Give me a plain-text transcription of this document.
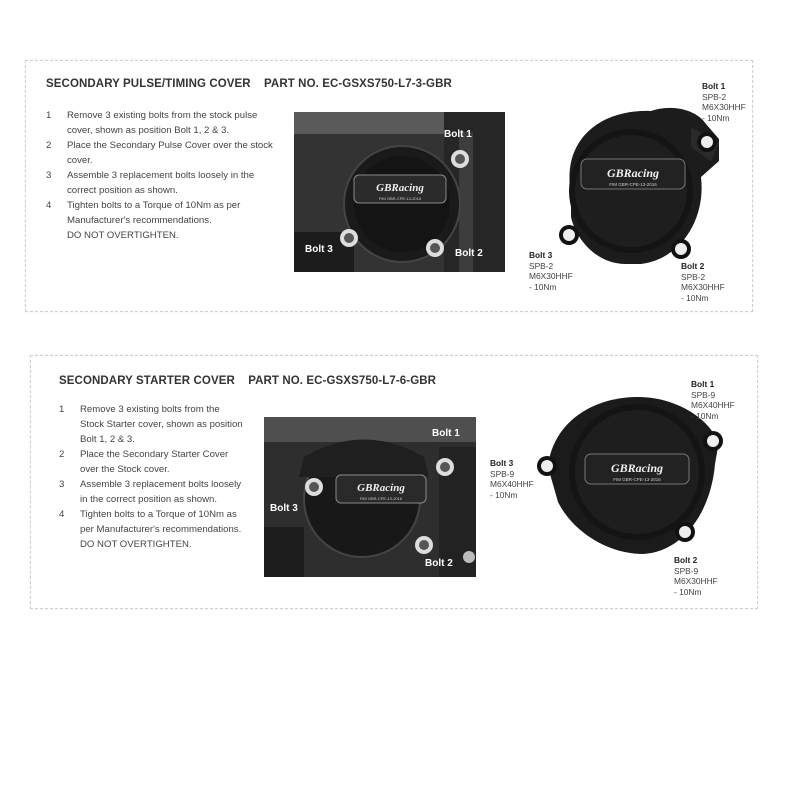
SECONDARY PULSE/TIMING COVER PART NO. EC-GSXS750-L7-3-GBR
1 Remove 3 existing bolts from the stock pulse cover, shown as position Bolt 1, 2 & 3.
2 Place the Secondary Pulse Cover over the stock cover.
3 Assemble 3 replacement bolts loosely in the correct position as shown.
4 Tighten bolts to a Torque of 10Nm as per Manufacturer's recommendations.
DO NOT OVERTIGHTEN.
GBRacing
FIM GBR-CPE-13-2016
Bolt 1
Bolt 3	Bolt 2
GBRacing
FIM GBR-CPE-13-2016
Bolt 1
SPB-2
M6X30HHF
- 10Nm
Bolt 3
SPB-2
M6X30HHF
- 10Nm
Bolt 2
SPB-2
M6X30HHF
- 10Nm
SECONDARY STARTER COVER PART NO. EC-GSXS750-L7-6-GBR
1 Remove 3 existing bolts from the Stock Starter cover, shown as position Bolt 1, 2 & 3.
2 Place the Secondary Starter Cover over the Stock cover.
3 Assemble 3 replacement bolts loosely in the correct position as shown.
4 Tighten bolts to a Torque of 10Nm as per Manufacturer's recommendations.
DO NOT OVERTIGHTEN.
GBRacing
FIM GBR-CPE-13-2016
Bolt 1
Bolt 3
Bolt 2
GBRacing
FIM GBR-CPE-13-2016
Bolt 1
SPB-9
M6X40HHF
- 10Nm
Bolt 3
SPB-9
M6X40HHF
- 10Nm
Bolt 2
SPB-9
M6X30HHF
- 10Nm
